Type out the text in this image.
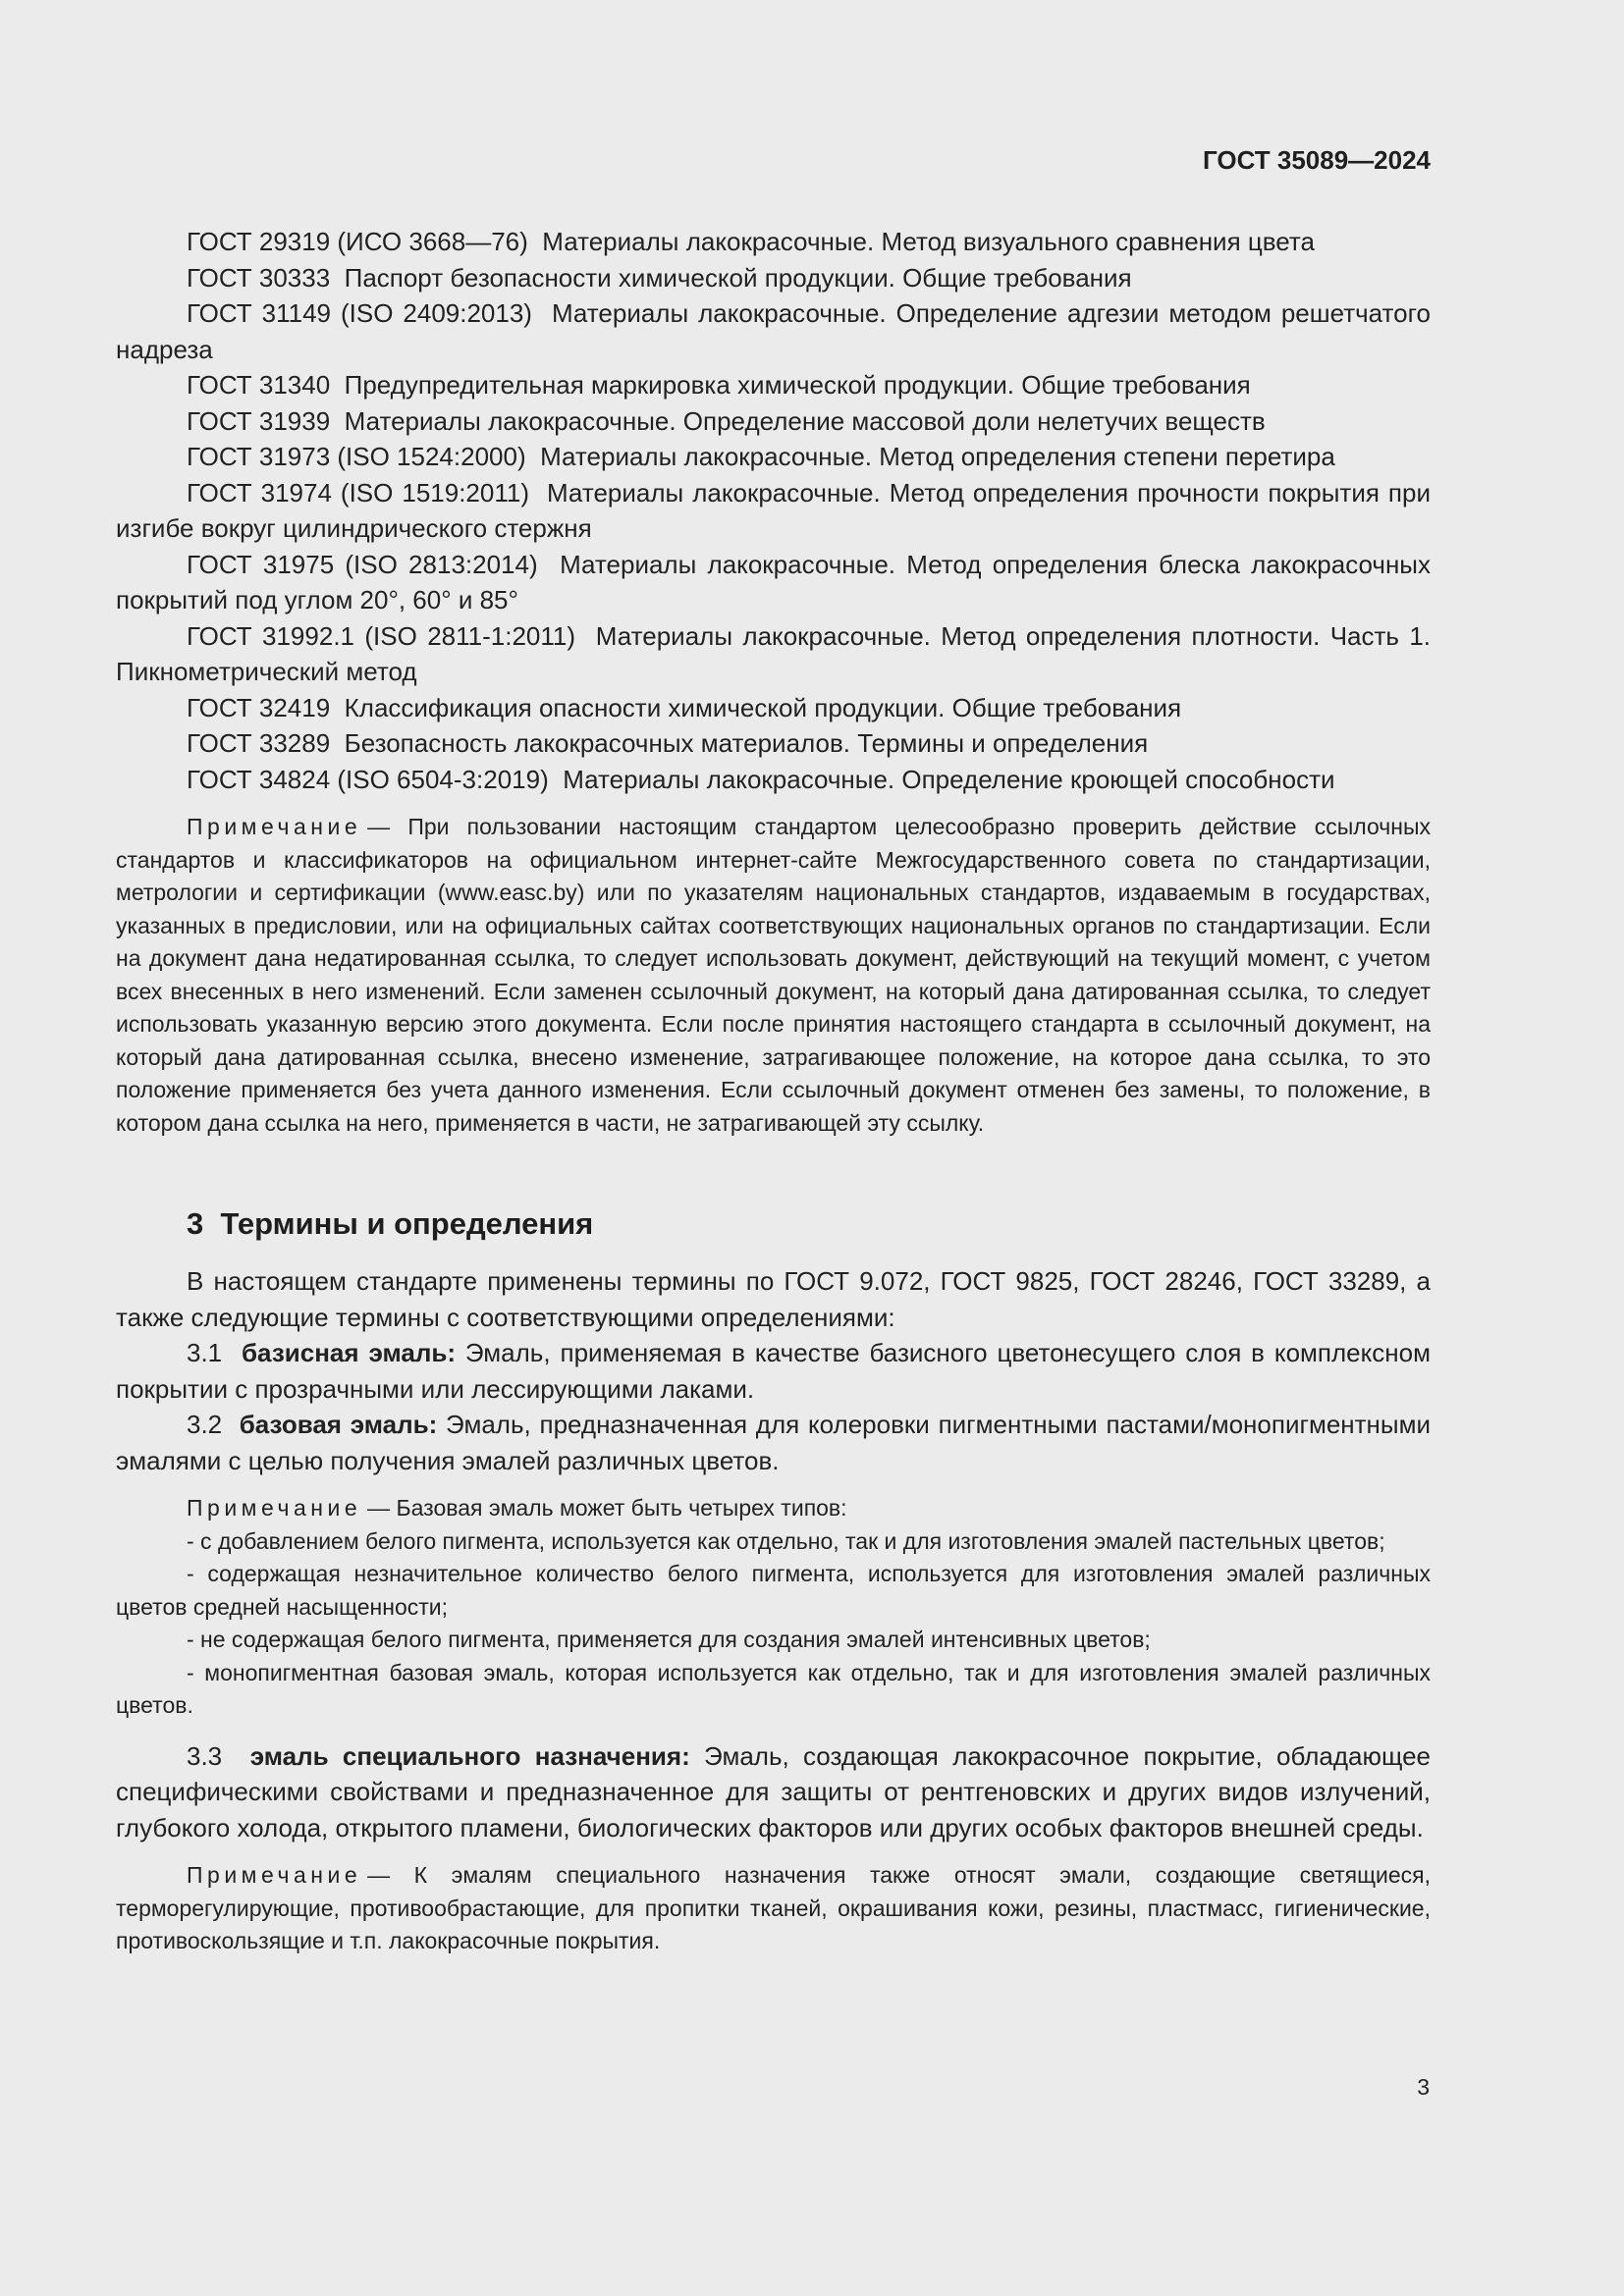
ГОСТ 35089—2024

ГОСТ 29319 (ИСО 3668—76) Материалы лакокрасочные. Метод визуального сравнения цвета

ГОСТ 30333 Паспорт безопасности химической продукции. Общие требования

ГОСТ 31149 (ISO 2409:2013) Материалы лакокрасочные. Определение адгезии методом решетчатого надреза

ГОСТ 31340 Предупредительная маркировка химической продукции. Общие требования

ГОСТ 31939 Материалы лакокрасочные. Определение массовой доли нелетучих веществ

ГОСТ 31973 (ISO 1524:2000) Материалы лакокрасочные. Метод определения степени перетира

ГОСТ 31974 (ISO 1519:2011) Материалы лакокрасочные. Метод определения прочности покрытия при изгибе вокруг цилиндрического стержня

ГОСТ 31975 (ISO 2813:2014) Материалы лакокрасочные. Метод определения блеска лакокрасочных покрытий под углом 20°, 60° и 85°

ГОСТ 31992.1 (ISO 2811-1:2011) Материалы лакокрасочные. Метод определения плотности. Часть 1. Пикнометрический метод

ГОСТ 32419 Классификация опасности химической продукции. Общие требования

ГОСТ 33289 Безопасность лакокрасочных материалов. Термины и определения

ГОСТ 34824 (ISO 6504-3:2019) Материалы лакокрасочные. Определение кроющей способности

Примечание — При пользовании настоящим стандартом целесообразно проверить действие ссылочных стандартов и классификаторов на официальном интернет-сайте Межгосударственного совета по стандартизации, метрологии и сертификации (www.easc.by) или по указателям национальных стандартов, издаваемым в государствах, указанных в предисловии, или на официальных сайтах соответствующих национальных органов по стандартизации. Если на документ дана недатированная ссылка, то следует использовать документ, действующий на текущий момент, с учетом всех внесенных в него изменений. Если заменен ссылочный документ, на который дана датированная ссылка, то следует использовать указанную версию этого документа. Если после принятия настоящего стандарта в ссылочный документ, на который дана датированная ссылка, внесено изменение, затрагивающее положение, на которое дана ссылка, то это положение применяется без учета данного изменения. Если ссылочный документ отменен без замены, то положение, в котором дана ссылка на него, применяется в части, не затрагивающей эту ссылку.

3 Термины и определения

В настоящем стандарте применены термины по ГОСТ 9.072, ГОСТ 9825, ГОСТ 28246, ГОСТ 33289, а также следующие термины с соответствующими определениями:

3.1 базисная эмаль: Эмаль, применяемая в качестве базисного цветонесущего слоя в комплексном покрытии с прозрачными или лессирующими лаками.

3.2 базовая эмаль: Эмаль, предназначенная для колеровки пигментными пастами/монопигментными эмалями с целью получения эмалей различных цветов.

Примечание — Базовая эмаль может быть четырех типов:

- с добавлением белого пигмента, используется как отдельно, так и для изготовления эмалей пастельных цветов;

- содержащая незначительное количество белого пигмента, используется для изготовления эмалей различных цветов средней насыщенности;

- не содержащая белого пигмента, применяется для создания эмалей интенсивных цветов;

- монопигментная базовая эмаль, которая используется как отдельно, так и для изготовления эмалей различных цветов.

3.3 эмаль специального назначения: Эмаль, создающая лакокрасочное покрытие, обладающее специфическими свойствами и предназначенное для защиты от рентгеновских и других видов излучений, глубокого холода, открытого пламени, биологических факторов или других особых факторов внешней среды.

Примечание — К эмалям специального назначения также относят эмали, создающие светящиеся, терморегулирующие, противообрастающие, для пропитки тканей, окрашивания кожи, резины, пластмасс, гигиенические, противоскользящие и т.п. лакокрасочные покрытия.

3
